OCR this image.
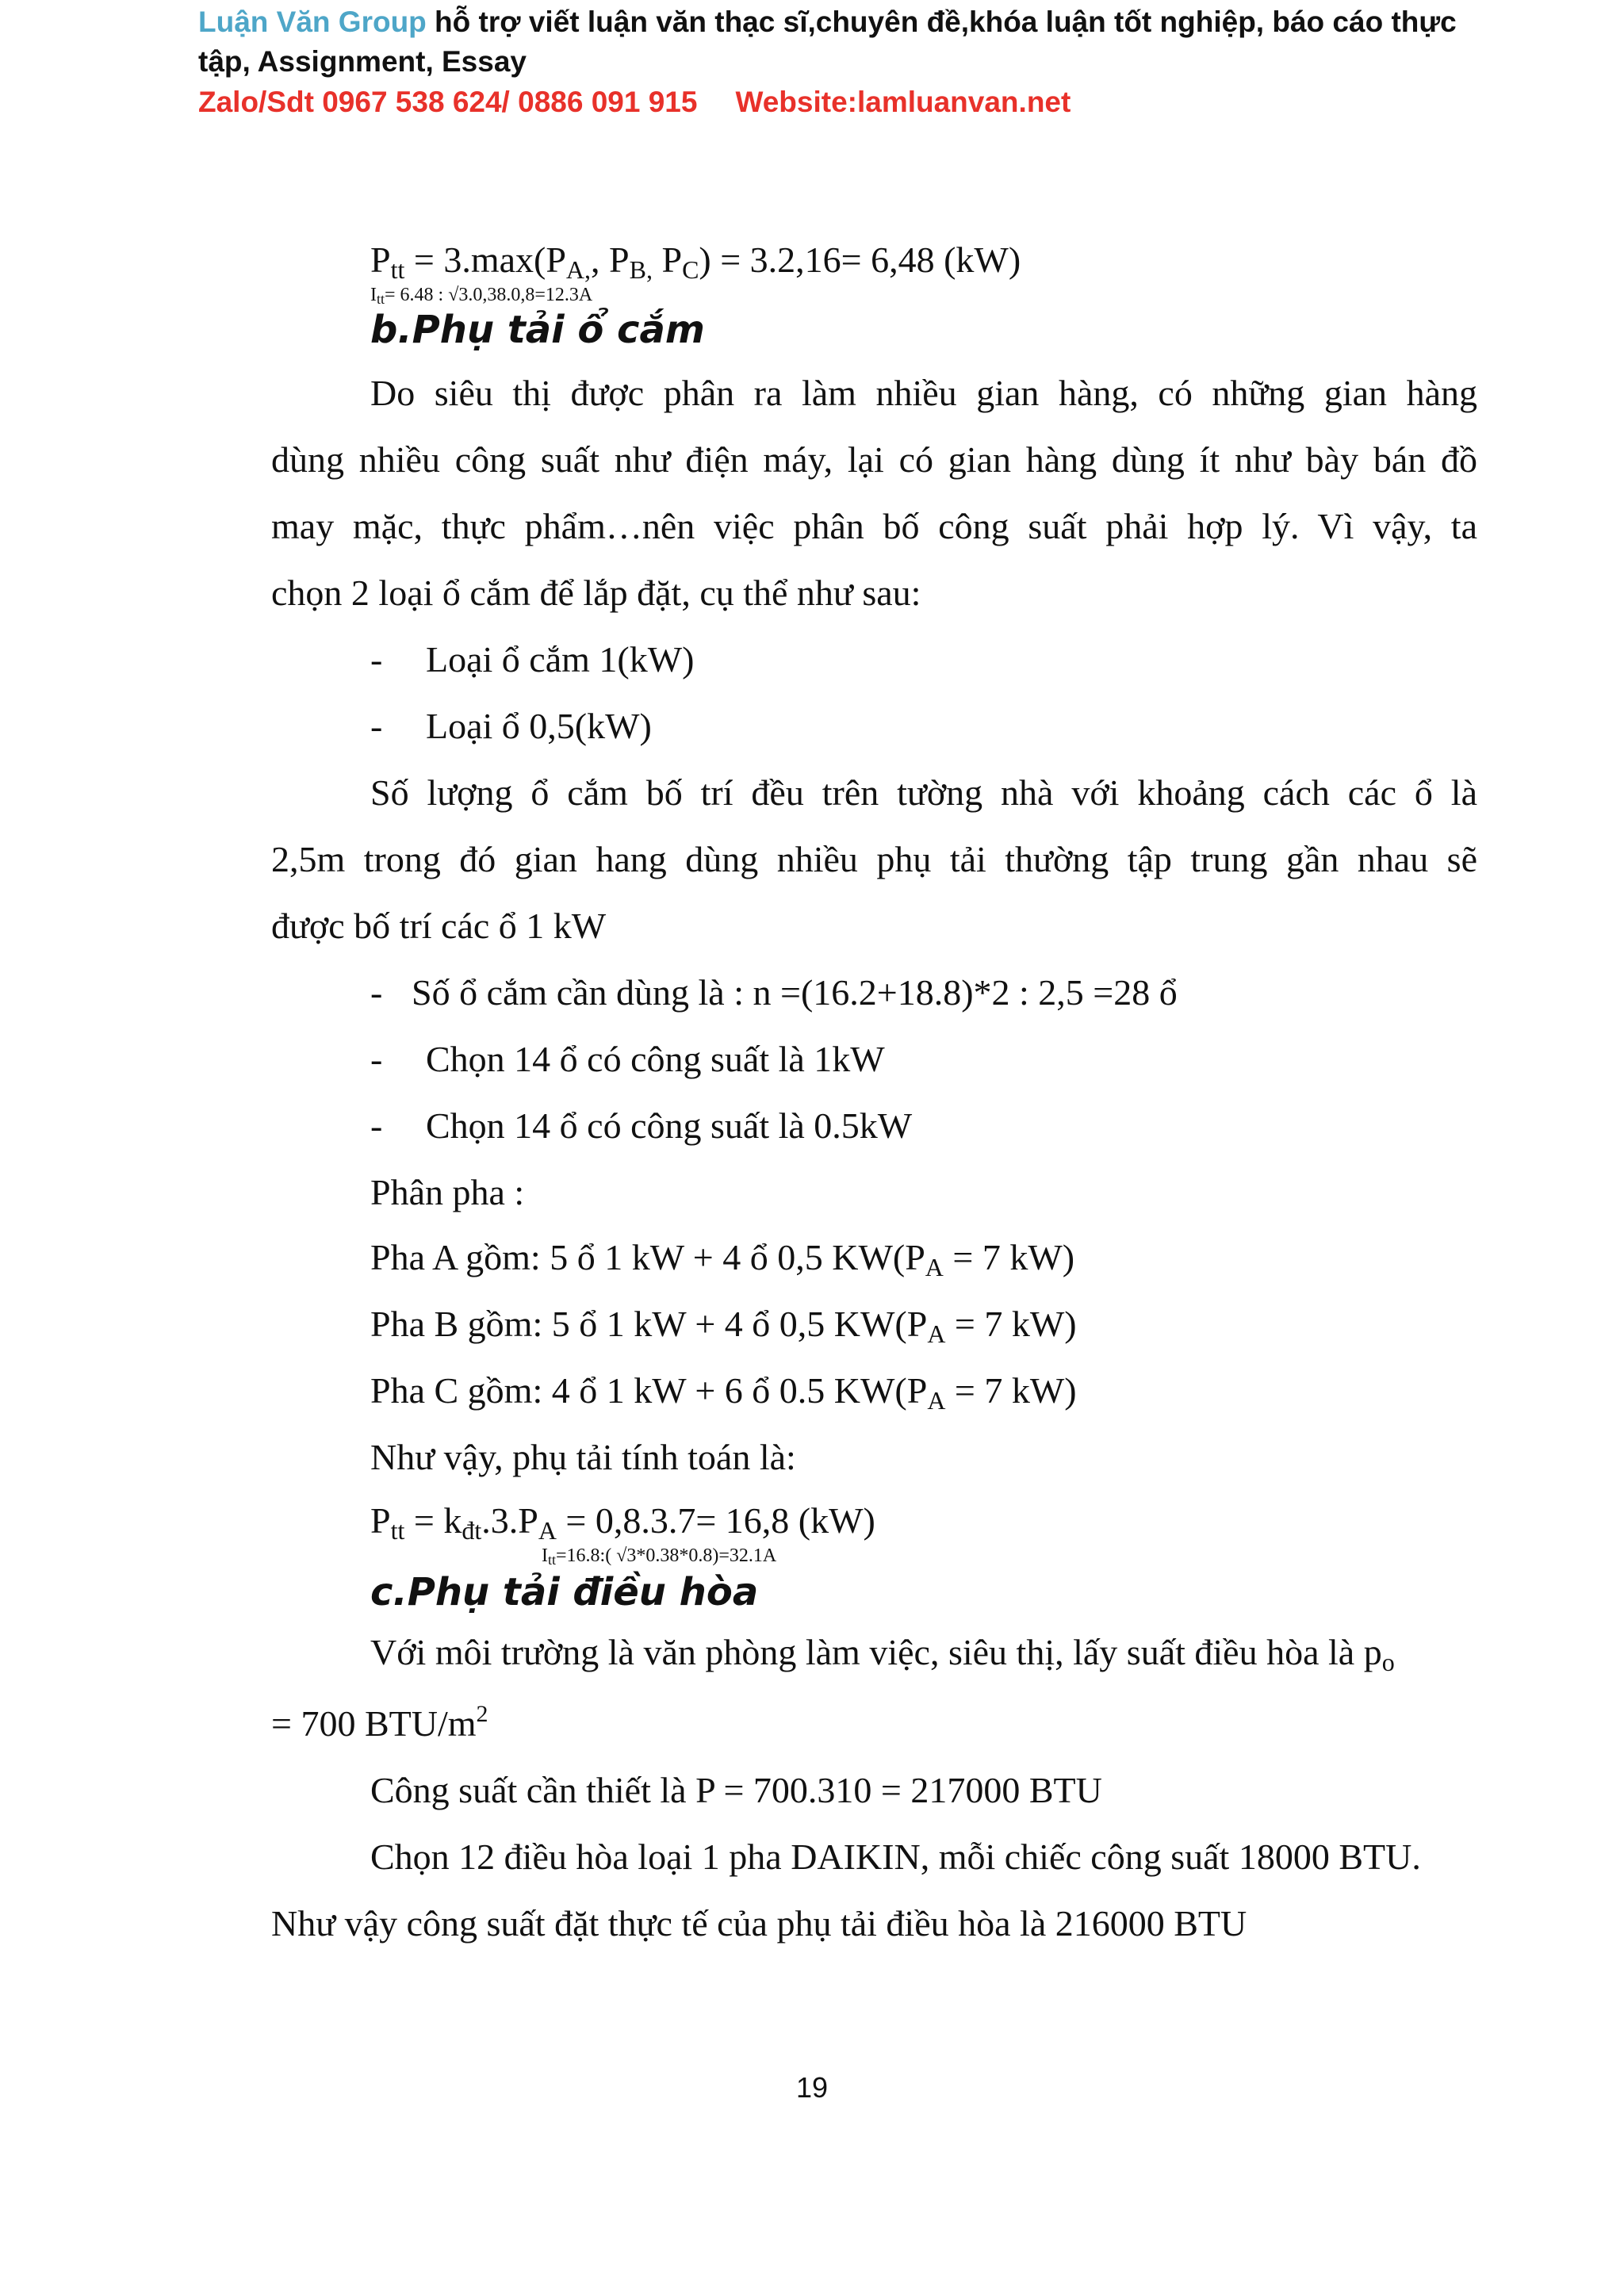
Luận Văn Group hỗ trợ viết luận văn thạc sĩ,chuyên đề,khóa luận tốt nghiệp, báo cáo thực
tập, Assignment, Essay
Zalo/Sdt 0967 538 624/ 0886 091 915 Website:lamluanvan.net
$P_{tt} = 3.\max(P_{A,}$, $P_{B,}$ $P_C) = 3.2,16= 6,48$ (kW)
$I_{tt}= 6.48$ : √3.0,38.0,8=12.3A
b.Phụ tải ổ cắm
Do siêu thị được phân ra làm nhiều gian hàng, có những gian hàng
dùng nhiều công suất như điện máy, lại có gian hàng dùng ít như bày bán đồ
may mặc, thực phẩm…nên việc phân bố công suất phải hợp lý. Vì vậy, ta
chọn 2 loại ổ cắm để lắp đặt, cụ thể như sau:
- Loại ổ cắm 1(kW)
- Loại ổ 0,5(kW)
Số lượng ổ cắm bố trí đều trên tường nhà với khoảng cách các ổ là
2,5m trong đó gian hang dùng nhiều phụ tải thường tập trung gần nhau sẽ
được bố trí các ổ 1 kW
- Số ổ cắm cần dùng là : n =(16.2+18.8)*2 : 2,5 =28 ổ
- Chọn 14 ổ có công suất là 1kW
- Chọn 14 ổ có công suất là 0.5kW
Phân pha :
Pha A gồm: 5 ổ 1 kW + 4 ổ 0,5 $KW(P_A = 7$ kW)
Pha B gồm: 5 ổ 1 kW + 4 ổ 0,5 $KW(P_A = 7$ kW)
Pha C gồm: 4 ổ 1 kW + 6 ổ 0.5 $KW(P_A = 7$ kW)
Như vậy, phụ tải tính toán là:
$P_{tt} = k_{đt}.3.P_A = 0,8.3.7= 16,8$ (kW)
$I_{tt}=16.8$:( √3*0.38*0.8)=32.1A
c.Phụ tải điều hòa
Với môi trường là văn phòng làm việc, siêu thị, lấy suất điều hòa là $p_o$
= 700 BTU/$m^2$
Công suất cần thiết là P = 700.310 = 217000 BTU
Chọn 12 điều hòa loại 1 pha DAIKIN, mỗi chiếc công suất 18000 BTU.
Như vậy công suất đặt thực tế của phụ tải điều hòa là 216000 BTU
19
